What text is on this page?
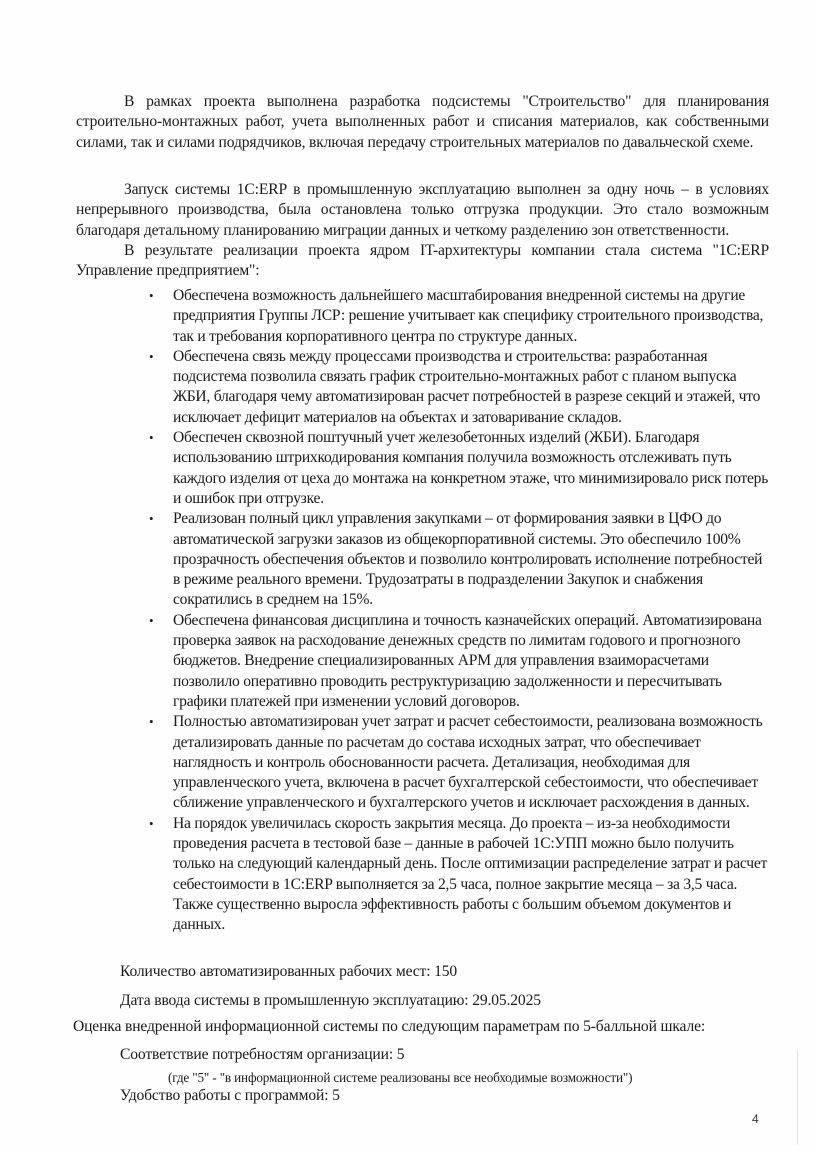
В рамках проекта выполнена разработка подсистемы "Строительство" для планирования строительно-монтажных работ, учета выполненных работ и списания материалов, как собственными силами, так и силами подрядчиков, включая передачу строительных материалов по давальческой схеме.

Запуск системы 1С:ERP в промышленную эксплуатацию выполнен за одну ночь – в условиях непрерывного производства, была остановлена только отгрузка продукции. Это стало возможным благодаря детальному планированию миграции данных и четкому разделению зон ответственности.

В результате реализации проекта ядром IT-архитектуры компании стала система "1С:ERP Управление предприятием":

• Обеспечена возможность дальнейшего масштабирования внедренной системы на другие предприятия Группы ЛСР: решение учитывает как специфику строительного производства, так и требования корпоративного центра по структуре данных.
• Обеспечена связь между процессами производства и строительства: разработанная подсистема позволила связать график строительно-монтажных работ с планом выпуска ЖБИ, благодаря чему автоматизирован расчет потребностей в разрезе секций и этажей, что исключает дефицит материалов на объектах и затоваривание складов.
• Обеспечен сквозной поштучный учет железобетонных изделий (ЖБИ). Благодаря использованию штрихкодирования компания получила возможность отслеживать путь каждого изделия от цеха до монтажа на конкретном этаже, что минимизировало риск потерь и ошибок при отгрузке.
• Реализован полный цикл управления закупками – от формирования заявки в ЦФО до автоматической загрузки заказов из общекорпоративной системы. Это обеспечило 100% прозрачность обеспечения объектов и позволило контролировать исполнение потребностей в режиме реального времени. Трудозатраты в подразделении Закупок и снабжения сократились в среднем на 15%.
• Обеспечена финансовая дисциплина и точность казначейских операций. Автоматизирована проверка заявок на расходование денежных средств по лимитам годового и прогнозного бюджетов. Внедрение специализированных АРМ для управления взаиморасчетами позволило оперативно проводить реструктуризацию задолженности и пересчитывать графики платежей при изменении условий договоров.
• Полностью автоматизирован учет затрат и расчет себестоимости, реализована возможность детализировать данные по расчетам до состава исходных затрат, что обеспечивает наглядность и контроль обоснованности расчета. Детализация, необходимая для управленческого учета, включена в расчет бухгалтерской себестоимости, что обеспечивает сближение управленческого и бухгалтерского учетов и исключает расхождения в данных.
• На порядок увеличилась скорость закрытия месяца. До проекта – из-за необходимости проведения расчета в тестовой базе – данные в рабочей 1С:УПП можно было получить только на следующий календарный день. После оптимизации распределение затрат и расчет себестоимости в 1С:ERP выполняется за 2,5 часа, полное закрытие месяца – за 3,5 часа. Также существенно выросла эффективность работы с большим объемом документов и данных.

Количество автоматизированных рабочих мест: 150

Дата ввода системы в промышленную эксплуатацию: 29.05.2025

Оценка внедренной информационной системы по следующим параметрам по 5-балльной шкале:

Соответствие потребностям организации: 5

(где "5" - "в информационной системе реализованы все необходимые возможности")

Удобство работы с программой: 5

4
